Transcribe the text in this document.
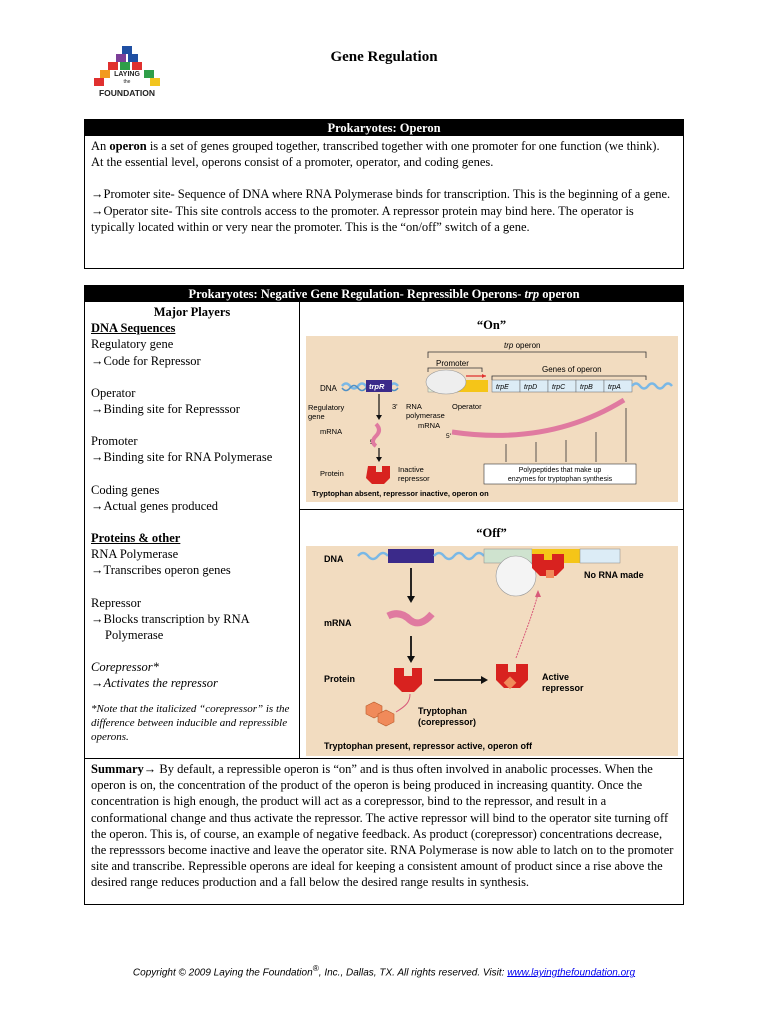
LAYING
the
FOUNDATION
Gene Regulation
Prokaryotes: Operon

An operon is a set of genes grouped together, transcribed together with one promoter for one function (we think).

At the essential level, operons consist of a promoter, operator, and coding genes.

→Promoter site- Sequence of DNA where RNA Polymerase binds for transcription. This is the beginning of a gene.

→Operator site- This site controls access to the promoter. A repressor protein may bind here. The operator is typically located within or very near the promoter. This is the “on/off” switch of a gene.

Prokaryotes: Negative Gene Regulation- Repressible Operons- trp operon

Major Players

DNA Sequences

Regulatory gene

→Code for Repressor

Operator

→Binding site for Represssor

Promoter

→Binding site for RNA Polymerase

Coding genes

→Actual genes produced

Proteins & other

RNA Polymerase

→Transcribes operon genes

Repressor

→Blocks transcription by RNA Polymerase

Corepressor*

→Activates the repressor

*Note that the italicized “corepressor” is the difference between inducible and repressible operons.

“On”
trp operon
Promoter
Genes of operon
DNA	trpR	trpE trpD trpC trpB trpA
Regulatory
gene
3' RNA
polymerase
Operator
mRNA
5'
mRNA
5'
Protein	Inactive
repressor
Polypeptides that make up
enzymes for tryptophan synthesis
Tryptophan absent, repressor inactive, operon on
“Off”
DNA
No RNA made
mRNA
Protein	Active
repressor
Tryptophan
(corepressor)
Tryptophan present, repressor active, operon off
Summary→ By default, a repressible operon is “on” and is thus often involved in anabolic processes. When the operon is on, the concentration of the product of the operon is being produced in increasing quantity. Once the concentration is high enough, the product will act as a corepressor, bind to the repressor, and result in a conformational change and thus activate the repressor. The active repressor will bind to the operator site turning off the operon. This is, of course, an example of negative feedback. As product (corepressor) concentrations decrease, the represssors become inactive and leave the operator site. RNA Polymerase is now able to latch on to the promoter site and transcribe. Repressible operons are ideal for keeping a consistent amount of product since a rise above the desired range reduces production and a fall below the desired range results in synthesis.
Copyright © 2009 Laying the Foundation®, Inc., Dallas, TX. All rights reserved. Visit: www.layingthefoundation.org
